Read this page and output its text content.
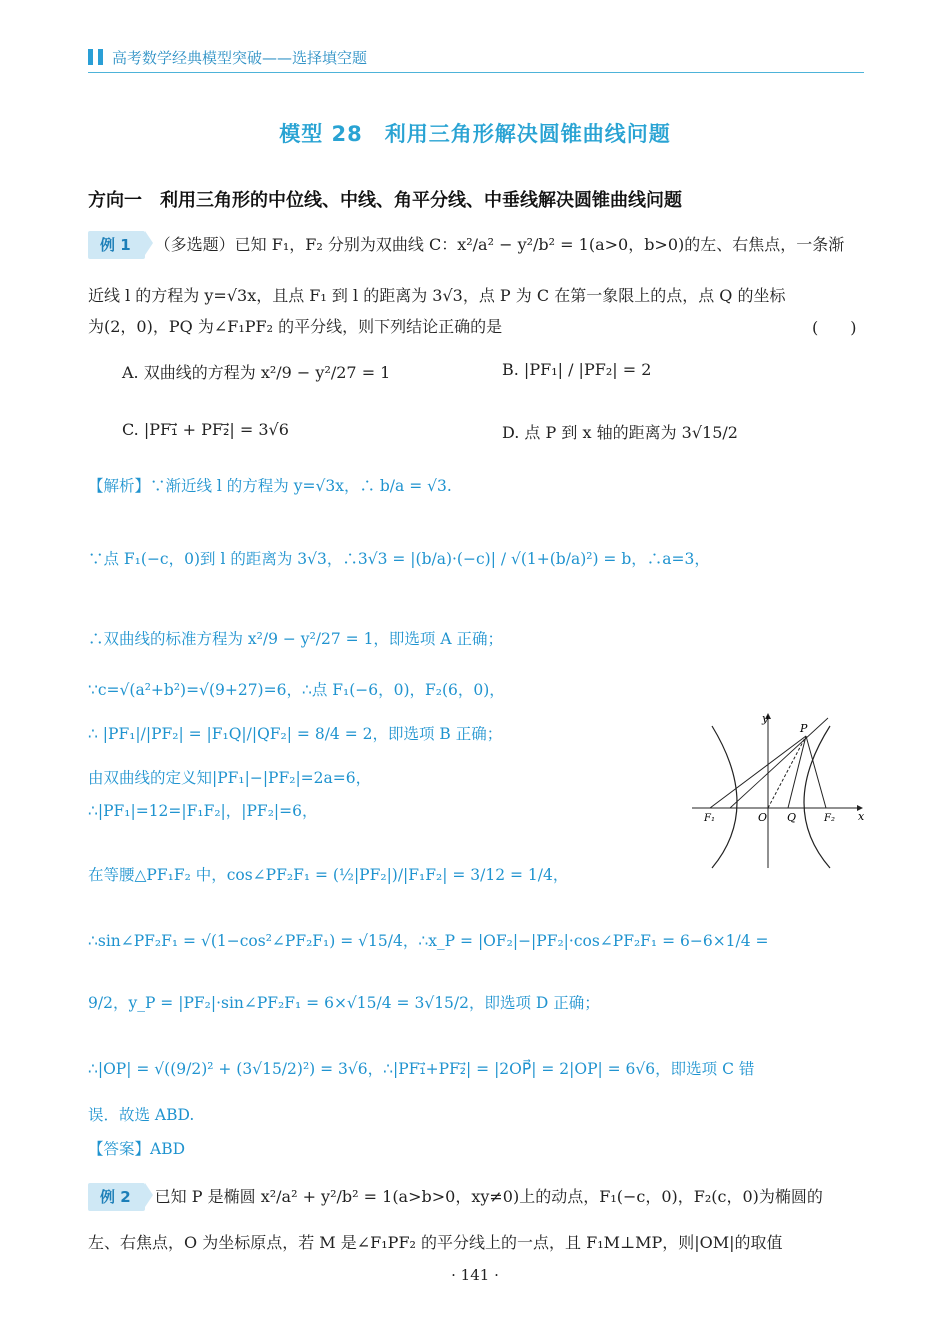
高考数学经典模型突破——选择填空题
模型 28　利用三角形解决圆锥曲线问题
方向一　利用三角形的中位线、中线、角平分线、中垂线解决圆锥曲线问题
例 1 （多选题）已知 F₁，F₂ 分别为双曲线 C：x²/a² − y²/b² = 1(a>0，b>0)的左、右焦点，一条渐
近线 l 的方程为 y=√3x，且点 F₁ 到 l 的距离为 3√3，点 P 为 C 在第一象限上的点，点 Q 的坐标
为(2，0)，PQ 为∠F₁PF₂ 的平分线，则下列结论正确的是	(　　)
A. 双曲线的方程为 x²/9 − y²/27 = 1	B. |PF₁| / |PF₂| = 2
C. |PF₁⃗ + PF₂⃗| = 3√6	D. 点 P 到 x 轴的距离为 3√15/2
【解析】∵渐近线 l 的方程为 y=√3x，∴ b/a = √3.
∵点 F₁(−c，0)到 l 的距离为 3√3，∴3√3 = |(b/a)·(−c)| / √(1+(b/a)²) = b，∴a=3，
∴双曲线的标准方程为 x²/9 − y²/27 = 1，即选项 A 正确；
∵c=√(a²+b²)=√(9+27)=6，∴点 F₁(−6，0)，F₂(6，0)，
∴ |PF₁|/|PF₂| = |F₁Q|/|QF₂| = 8/4 = 2，即选项 B 正确；
由双曲线的定义知|PF₁|−|PF₂|=2a=6，
∴|PF₁|=12=|F₁F₂|，|PF₂|=6，
在等腰△PF₁F₂ 中，cos∠PF₂F₁ = (½|PF₂|)/|F₁F₂| = 3/12 = 1/4，
∴sin∠PF₂F₁ = √(1−cos²∠PF₂F₁) = √15/4，∴x_P = |OF₂|−|PF₂|·cos∠PF₂F₁ = 6−6×1/4 =
9/2，y_P = |PF₂|·sin∠PF₂F₁ = 6×√15/4 = 3√15/2，即选项 D 正确；
∴|OP| = √((9/2)² + (3√15/2)²) = 3√6，∴|PF₁⃗+PF₂⃗| = |2OP⃗| = 2|OP| = 6√6，即选项 C 错
误．故选 ABD.
【答案】ABD
y
x
P
F₁	O Q	F₂
例 2 已知 P 是椭圆 x²/a² + y²/b² = 1(a>b>0，xy≠0)上的动点，F₁(−c，0)，F₂(c，0)为椭圆的
左、右焦点，O 为坐标原点，若 M 是∠F₁PF₂ 的平分线上的一点，且 F₁M⊥MP，则|OM|的取值
· 141 ·
